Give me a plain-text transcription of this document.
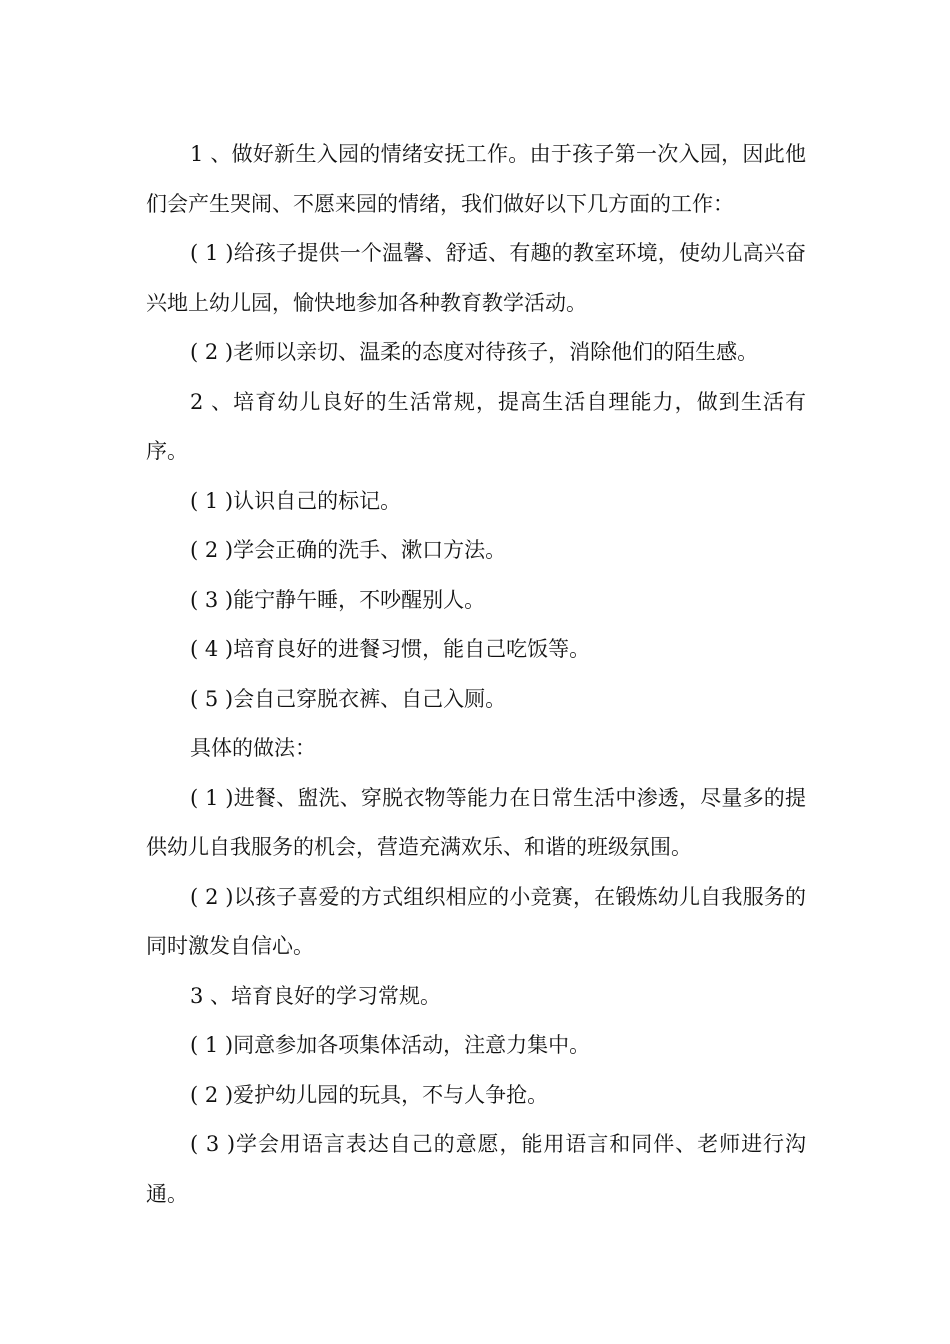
1 、做好新生入园的情绪安抚工作。由于孩子第一次入园，因此他们会产生哭闹、不愿来园的情绪，我们做好以下几方面的工作：

( 1 )给孩子提供一个温馨、舒适、有趣的教室环境，使幼儿高兴奋兴地上幼儿园，愉快地参加各种教育教学活动。

( 2 )老师以亲切、温柔的态度对待孩子，消除他们的陌生感。

2 、培育幼儿良好的生活常规，提高生活自理能力，做到生活有序。

( 1 )认识自己的标记。

( 2 )学会正确的洗手、漱口方法。

( 3 )能宁静午睡，不吵醒别人。

( 4 )培育良好的进餐习惯，能自己吃饭等。

( 5 )会自己穿脱衣裤、自己入厕。

具体的做法：

( 1 )进餐、盥洗、穿脱衣物等能力在日常生活中渗透，尽量多的提供幼儿自我服务的机会，营造充满欢乐、和谐的班级氛围。

( 2 )以孩子喜爱的方式组织相应的小竞赛，在锻炼幼儿自我服务的同时激发自信心。

3 、培育良好的学习常规。

( 1 )同意参加各项集体活动，注意力集中。

( 2 )爱护幼儿园的玩具，不与人争抢。

( 3 )学会用语言表达自己的意愿，能用语言和同伴、老师进行沟通。
